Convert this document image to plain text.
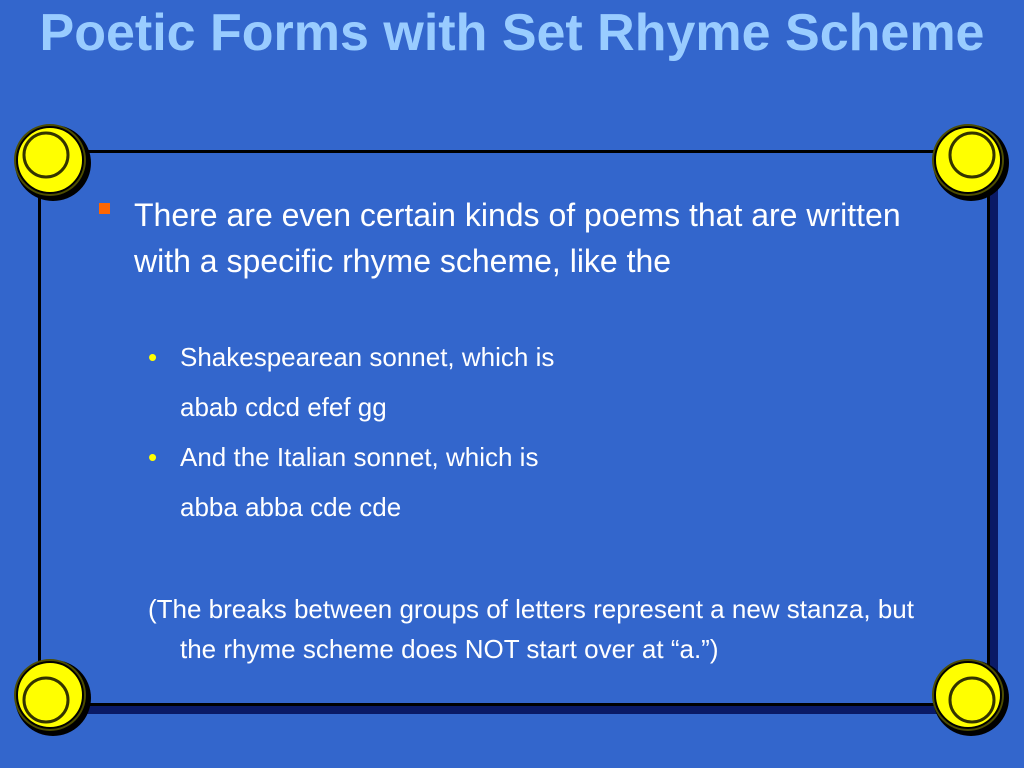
Poetic Forms with Set Rhyme Scheme
There are even certain kinds of poems that are written with a specific rhyme scheme, like the
• Shakespearean sonnet, which is
abab cdcd efef gg
• And the Italian sonnet, which is
abba abba cde cde
(The breaks between groups of letters represent a new stanza, but the rhyme scheme does NOT start over at “a.”)
